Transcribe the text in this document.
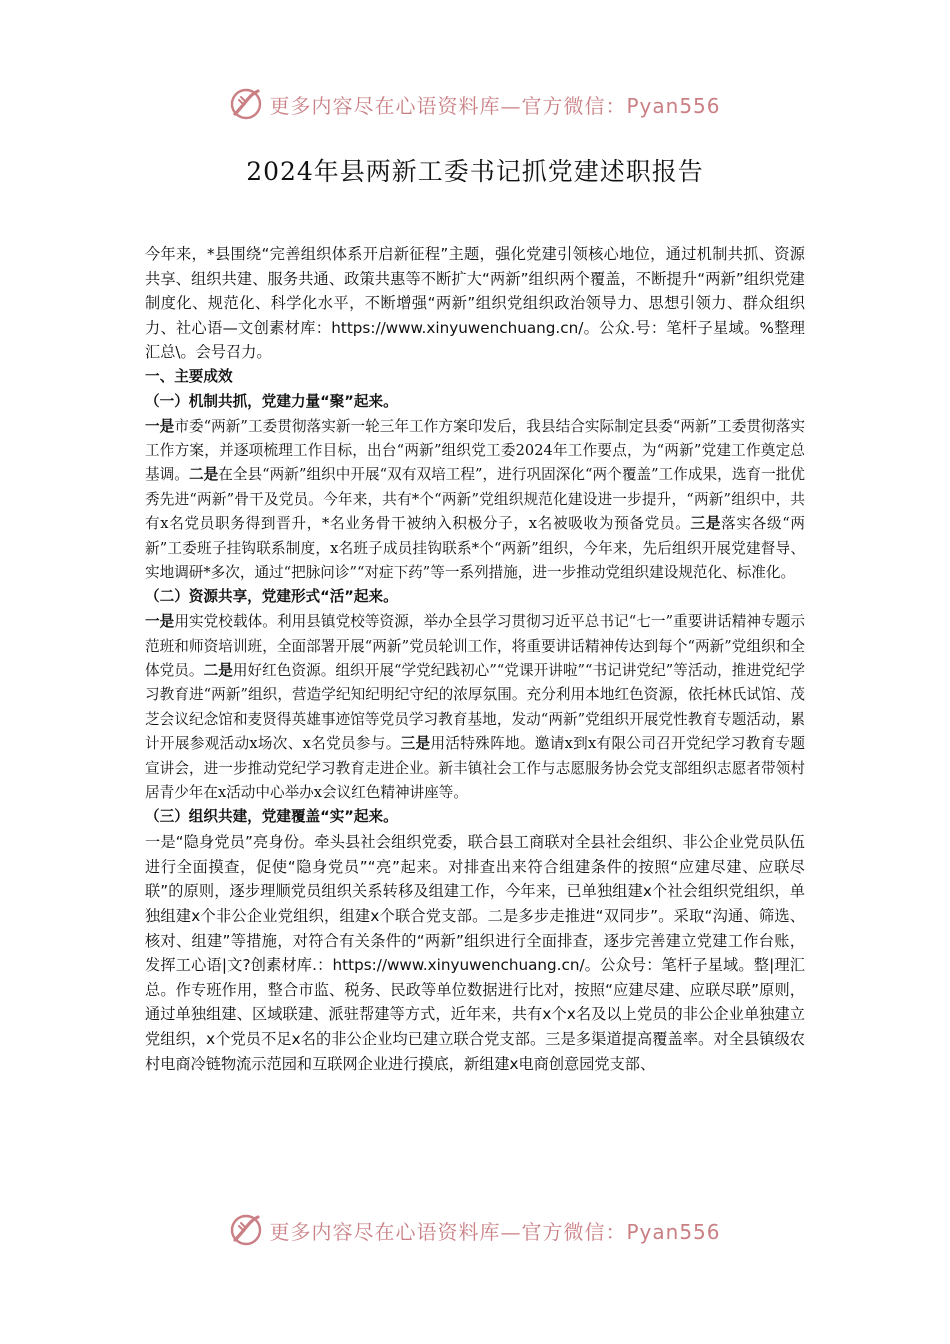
更多内容尽在心语资料库—官方微信：Pyan556
2024年县两新工委书记抓党建述职报告

今年来，*县围绕“完善组织体系开启新征程”主题，强化党建引领核心地位，通过机制共抓、资源共享、组织共建、服务共通、政策共惠等不断扩大“两新”组织两个覆盖，不断提升“两新”组织党建制度化、规范化、科学化水平，不断增强“两新”组织党组织政治领导力、思想引领力、群众组织力、社心语—文创素材库：https://www.xinyuwenchuang.cn/。公众.号：笔杆子星域。%整理汇总\。会号召力。

一、主要成效

（一）机制共抓，党建力量“聚”起来。

一是市委“两新”工委贯彻落实新一轮三年工作方案印发后，我县结合实际制定县委“两新”工委贯彻落实工作方案，并逐项梳理工作目标，出台“两新”组织党工委2024年工作要点，为“两新”党建工作奠定总基调。二是在全县“两新”组织中开展“双有双培工程”，进行巩固深化“两个覆盖”工作成果，选育一批优秀先进“两新”骨干及党员。今年来，共有*个“两新”党组织规范化建设进一步提升，“两新”组织中，共有x名党员职务得到晋升，*名业务骨干被纳入积极分子，x名被吸收为预备党员。三是落实各级“两新”工委班子挂钩联系制度，x名班子成员挂钩联系*个“两新”组织，今年来，先后组织开展党建督导、实地调研*多次，通过“把脉问诊”“对症下药”等一系列措施，进一步推动党组织建设规范化、标准化。

（二）资源共享，党建形式“活”起来。

一是用实党校载体。利用县镇党校等资源，举办全县学习贯彻习近平总书记“七一”重要讲话精神专题示范班和师资培训班，全面部署开展“两新”党员轮训工作，将重要讲话精神传达到每个“两新”党组织和全体党员。二是用好红色资源。组织开展“学党纪践初心”“党课开讲啦”“书记讲党纪”等活动，推进党纪学习教育进“两新”组织，营造学纪知纪明纪守纪的浓厚氛围。充分利用本地红色资源，依托林氏试馆、茂芝会议纪念馆和麦贤得英雄事迹馆等党员学习教育基地，发动“两新”党组织开展党性教育专题活动，累计开展参观活动x场次、x名党员参与。三是用活特殊阵地。邀请x到x有限公司召开党纪学习教育专题宣讲会，进一步推动党纪学习教育走进企业。新丰镇社会工作与志愿服务协会党支部组织志愿者带领村居青少年在x活动中心举办x会议红色精神讲座等。

（三）组织共建，党建覆盖“实”起来。

一是“隐身党员”亮身份。牵头县社会组织党委，联合县工商联对全县社会组织、非公企业党员队伍进行全面摸查，促使“隐身党员”“亮”起来。对排查出来符合组建条件的按照“应建尽建、应联尽联”的原则，逐步理顺党员组织关系转移及组建工作，今年来，已单独组建x个社会组织党组织，单独组建x个非公企业党组织，组建x个联合党支部。二是多步走推进“双同步”。采取“沟通、筛选、核对、组建”等措施，对符合有关条件的“两新”组织进行全面排查，逐步完善建立党建工作台账，发挥工心语|文?创素材库.：https://www.xinyuwenchuang.cn/。公众号：笔杆子星域。整|理汇总。作专班作用，整合市监、税务、民政等单位数据进行比对，按照“应建尽建、应联尽联”原则，通过单独组建、区域联建、派驻帮建等方式，近年来，共有x个x名及以上党员的非公企业单独建立党组织，x个党员不足x名的非公企业均已建立联合党支部。三是多渠道提高覆盖率。对全县镇级农村电商冷链物流示范园和互联网企业进行摸底，新组建x电商创意园党支部、

更多内容尽在心语资料库—官方微信：Pyan556
